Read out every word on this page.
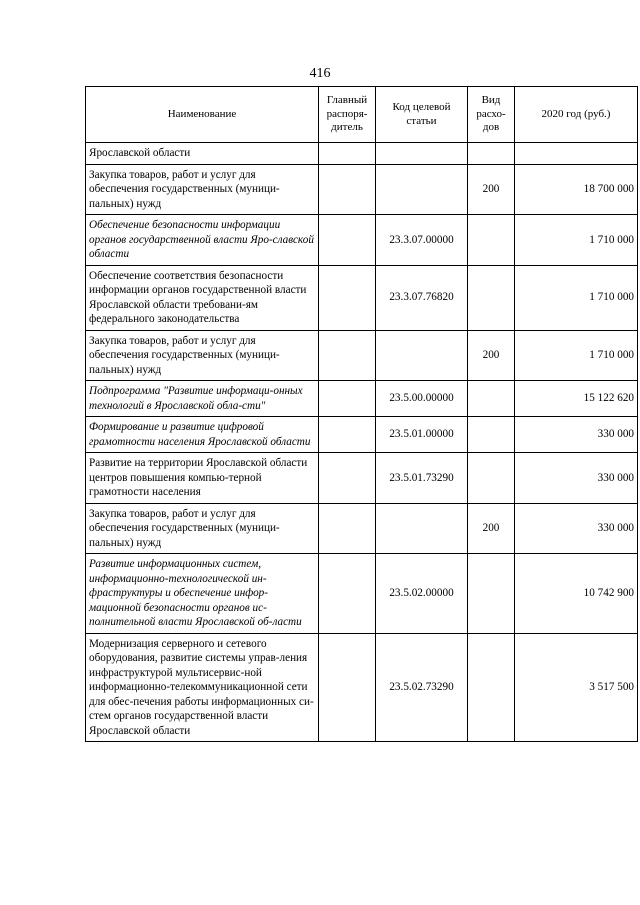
416
Наименование	Главный распоря-дитель	Код целевой статьи	Вид расхо-дов	2020 год (руб.)
Ярославской области				
Закупка товаров, работ и услуг для обеспечения государственных (муници-пальных) нужд			200	18 700 000
Обеспечение безопасности информации органов государственной власти Яро-славской области		23.3.07.00000		1 710 000
Обеспечение соответствия безопасности информации органов государственной власти Ярославской области требовани-ям федерального законодательства		23.3.07.76820		1 710 000
Закупка товаров, работ и услуг для обеспечения государственных (муници-пальных) нужд			200	1 710 000
Подпрограмма "Развитие информаци-онных технологий в Ярославской обла-сти"		23.5.00.00000		15 122 620
Формирование и развитие цифровой грамотности населения Ярославской области		23.5.01.00000		330 000
Развитие на территории Ярославской области центров повышения компью-терной грамотности населения		23.5.01.73290		330 000
Закупка товаров, работ и услуг для обеспечения государственных (муници-пальных) нужд			200	330 000
Развитие информационных систем, информационно-технологической ин-фраструктуры и обеспечение инфор-мационной безопасности органов ис-полнительной власти Ярославской об-ласти		23.5.02.00000		10 742 900
Модернизация серверного и сетевого оборудования, развитие системы управ-ления инфраструктурой мультисервис-ной информационно-телекоммуникационной сети для обес-печения работы информационных си-стем органов государственной власти Ярославской области		23.5.02.73290		3 517 500
